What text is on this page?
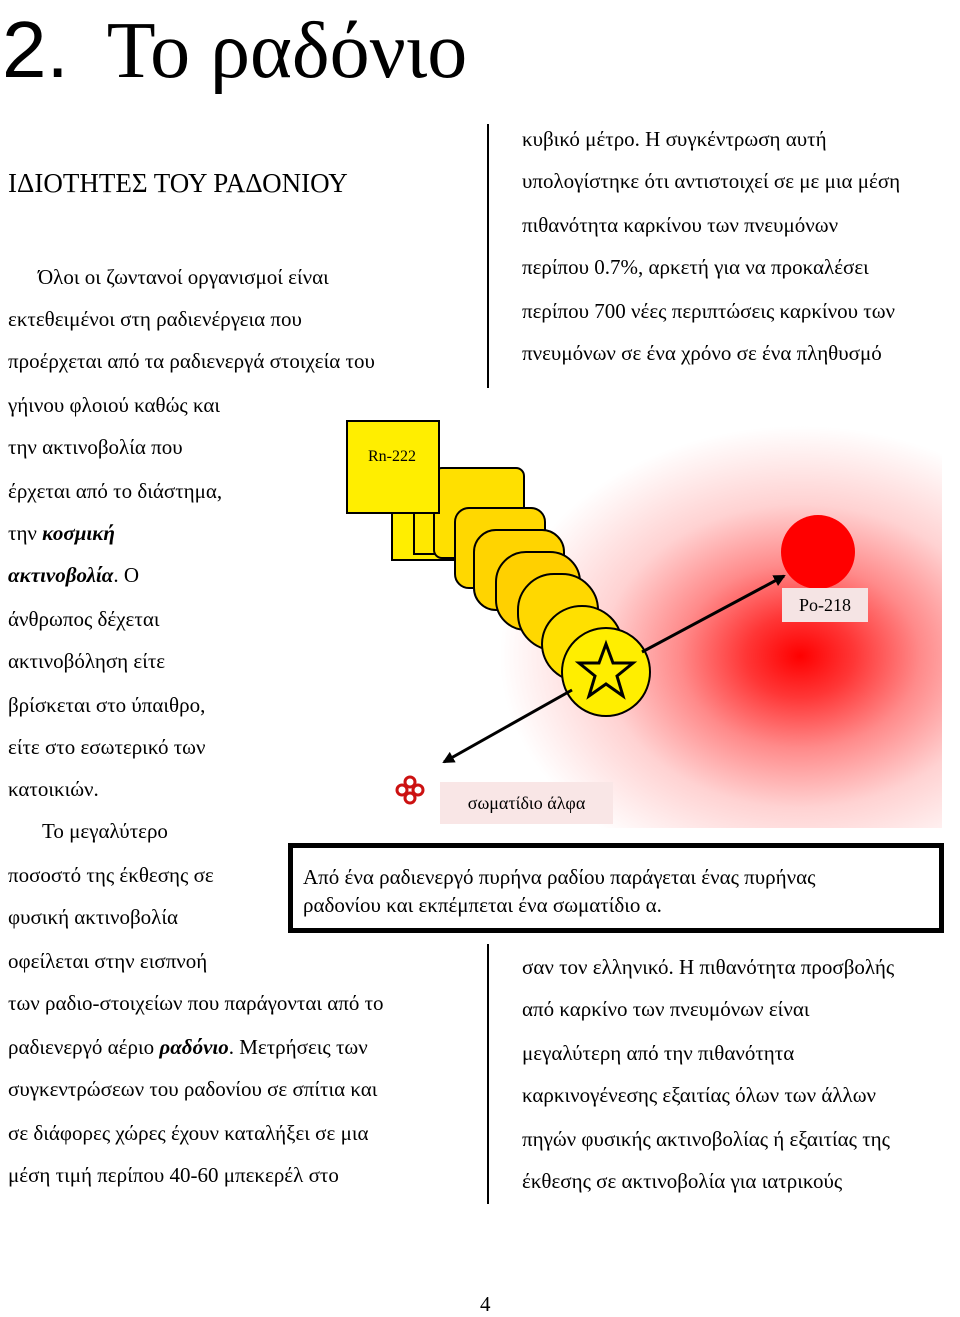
2. Το ραδόνιο
ΙΔΙΟΤΗΤΕΣ ΤΟΥ ΡΑΔΟΝΙΟΥ
Rn-222
Po-218
σωματίδιο άλφα
Όλοι οι ζωντανοί οργανισμοί είναι
εκτεθειμένοι στη ραδιενέργεια που
προέρχεται από τα ραδιενεργά στοιχεία του
γήινου φλοιού καθώς και
την ακτινοβολία που
έρχεται από το διάστημα,
την κοσμική
ακτινοβολία. Ο
άνθρωπος δέχεται
ακτινοβόληση είτε
βρίσκεται στο ύπαιθρο,
είτε στο εσωτερικό των
κατοικιών.
Το μεγαλύτερο
ποσοστό της έκθεσης σε
φυσική ακτινοβολία
οφείλεται στην εισπνοή
των ραδιο-στοιχείων που παράγονται από το
ραδιενεργό αέριο ραδόνιο. Μετρήσεις των
συγκεντρώσεων του ραδονίου σε σπίτια και
σε διάφορες χώρες έχουν καταλήξει σε μια
μέση τιμή περίπου 40-60 μπεκερέλ στο
κυβικό μέτρο. Η συγκέντρωση αυτή
υπολογίστηκε ότι αντιστοιχεί σε με μια μέση
πιθανότητα καρκίνου των πνευμόνων
περίπου 0.7%, αρκετή για να προκαλέσει
περίπου 700 νέες περιπτώσεις καρκίνου των
πνευμόνων σε ένα χρόνο σε ένα πληθυσμό
Από ένα ραδιενεργό πυρήνα ραδίου παράγεται ένας πυρήνας
ραδονίου και εκπέμπεται ένα σωματίδιο α.
σαν τον ελληνικό. Η πιθανότητα προσβολής
από καρκίνο των πνευμόνων είναι
μεγαλύτερη από την πιθανότητα
καρκινογένεσης εξαιτίας όλων των άλλων
πηγών φυσικής ακτινοβολίας ή εξαιτίας της
έκθεσης σε ακτινοβολία για ιατρικούς
4
